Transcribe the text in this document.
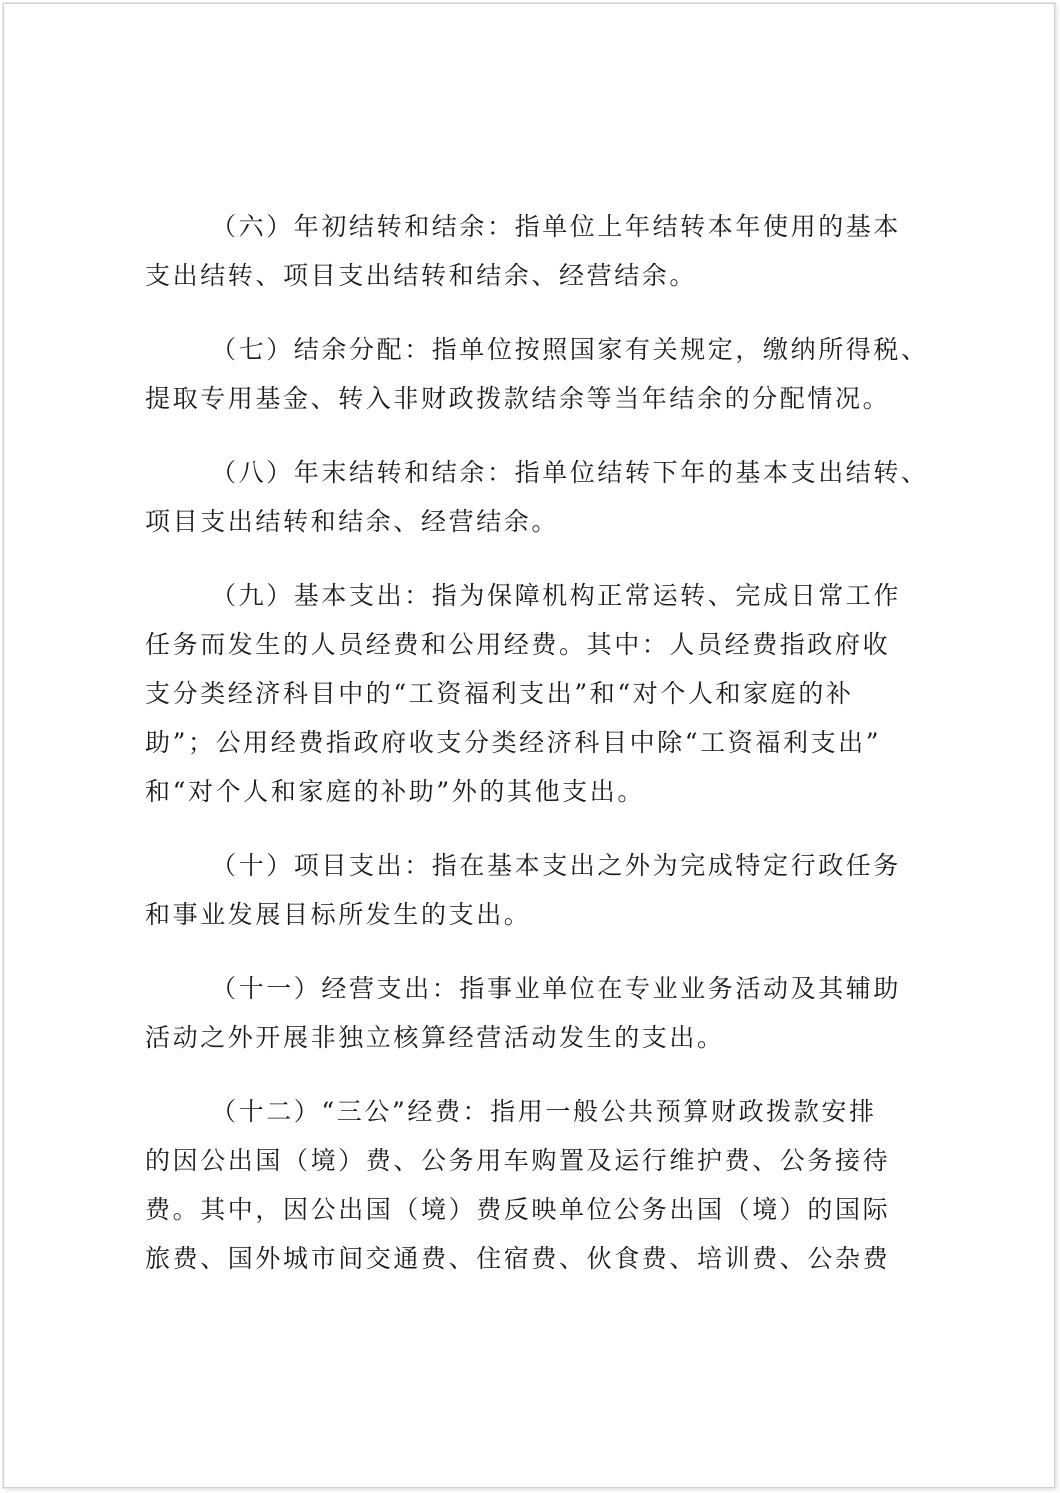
（六）年初结转和结余：指单位上年结转本年使用的基本
支出结转、项目支出结转和结余、经营结余。
（七）结余分配：指单位按照国家有关规定，缴纳所得税、
提取专用基金、转入非财政拨款结余等当年结余的分配情况。
（八）年末结转和结余：指单位结转下年的基本支出结转、
项目支出结转和结余、经营结余。
（九）基本支出：指为保障机构正常运转、完成日常工作
任务而发生的人员经费和公用经费。其中：人员经费指政府收
支分类经济科目中的“工资福利支出”和“对个人和家庭的补
助”；公用经费指政府收支分类经济科目中除“工资福利支出”
和“对个人和家庭的补助”外的其他支出。
（十）项目支出：指在基本支出之外为完成特定行政任务
和事业发展目标所发生的支出。
（十一）经营支出：指事业单位在专业业务活动及其辅助
活动之外开展非独立核算经营活动发生的支出。
（十二）“三公”经费：指用一般公共预算财政拨款安排
的因公出国（境）费、公务用车购置及运行维护费、公务接待
费。其中，因公出国（境）费反映单位公务出国（境）的国际
旅费、国外城市间交通费、住宿费、伙食费、培训费、公杂费
